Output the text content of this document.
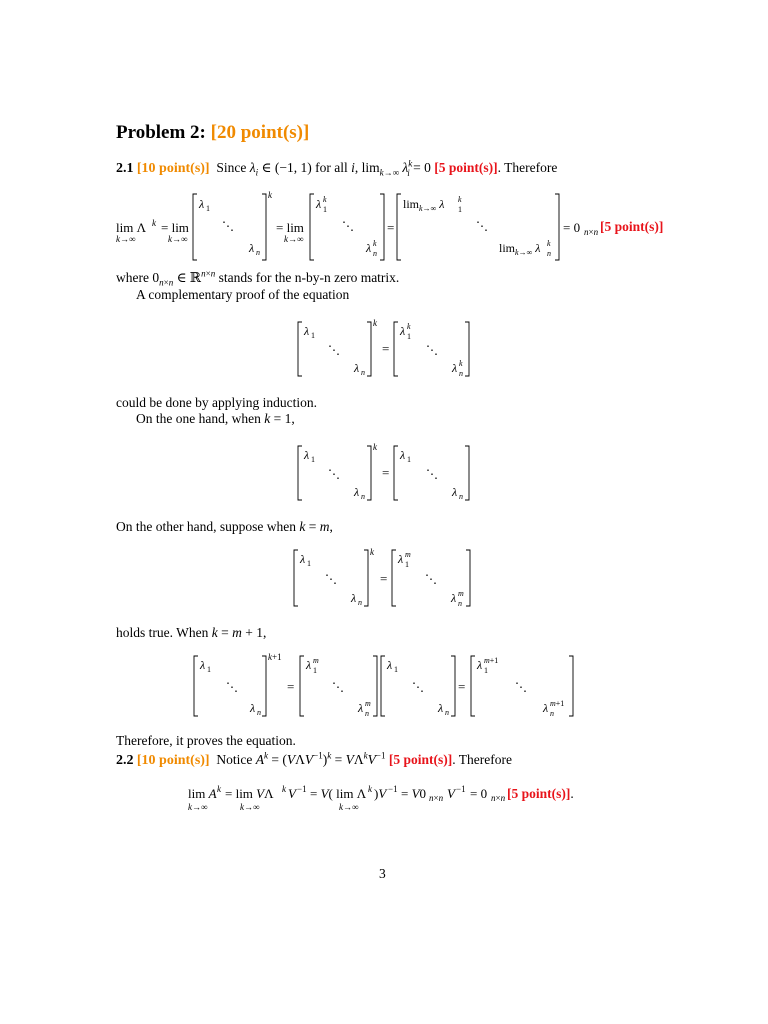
Problem 2: [20 point(s)]
2.1 [10 point(s)] Since $\lambda_i$ ∈ (−1, 1) for all i, $\lim_{k\to\infty} \lambda^k_i = 0$ [5 point(s)]. Therefore
lim Λ k = lim
k→∞	k→∞
λ 1
⋱
λ n
k
= lim
k→∞
λ k
1
⋱
λ k
n
=
$\lim_{k\to\infty} \lambda$ k
1
⋱
$\lim_{k\to\infty} \lambda$ k
n
= 0 n×n [5 point(s)]
where $0_{n\times n}$ ∈ ℝ$^{n\times n}$ stands for the n-by-n zero matrix.
A complementary proof of the equation
λ 1
⋱
λ n
k
=
λ k
1
⋱
λ k
n
could be done by applying induction.
On the one hand, when k = 1,
λ 1
⋱
λ n
k
=
λ 1
⋱
λ n
On the other hand, suppose when k = m,
λ 1
⋱
λ n
k
=
λ m
1
⋱
λ m
n
holds true. When k = m + 1,
λ 1
⋱
λ n
k+1
=
λ m
1
⋱
λ m
n
λ 1
⋱
λ n
=
λ m+1
1
⋱
λ m+1
n
Therefore, it proves the equation.
2.2 [10 point(s)] Notice $A^k = (V\Lambda V^{-1})^k = V\Lambda^kV^{-1}$ [5 point(s)]. Therefore
lim A k = lim VΛ k V −1 = V( lim Λ k )V −1 = V0 n×n V −1 = 0 n×n
k→∞	k→∞	k→∞
[5 point(s)].
3
